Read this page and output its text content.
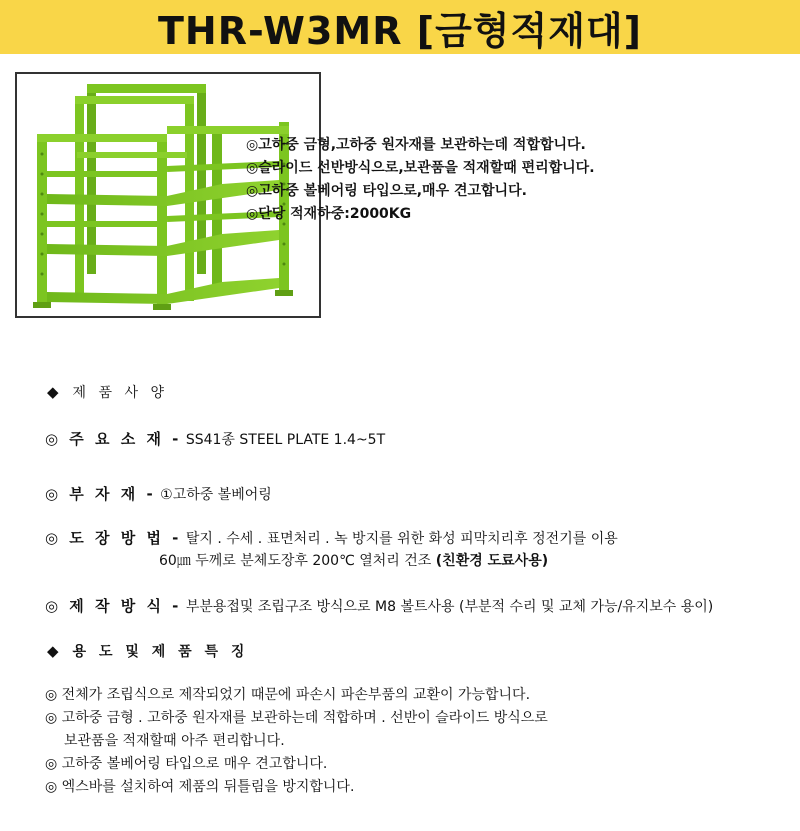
THR-W3MR [금형적재대]
◎고하중 금형,고하중 원자재를 보관하는데 적합합니다.
◎슬라이드 선반방식으로,보관품을 적재할때 편리합니다.
◎고하중 볼베어링 타입으로,매우 견고합니다.
◎단당 적재하중:2000KG
◆ 제 품 사 양
◎ 주 요 소 재 - SS41종 STEEL PLATE 1.4~5T
◎ 부 자 재 - ①고하중 볼베어링
◎ 도 장 방 법 - 탈지 . 수세 . 표면처리 . 녹 방지를 위한 화성 피막치리후 정전기를 이용
60㎛ 두께로 분체도장후 200℃ 열처리 건조 (친환경 도료사용)
◎ 제 작 방 식 - 부분용접및 조립구조 방식으로 M8 볼트사용 (부분적 수리 및 교체 가능/유지보수 용이)
◆ 용 도 및 제 품 특 징
◎ 전체가 조립식으로 제작되었기 때문에 파손시 파손부품의 교환이 가능합니다.
◎ 고하중 금형 . 고하중 원자재를 보관하는데 적합하며 . 선반이 슬라이드 방식으로
보관품을 적재할때 아주 편리합니다.
◎ 고하중 볼베어링 타입으로 매우 견고합니다.
◎ 엑스바를 설치하여 제품의 뒤틀림을 방지합니다.
